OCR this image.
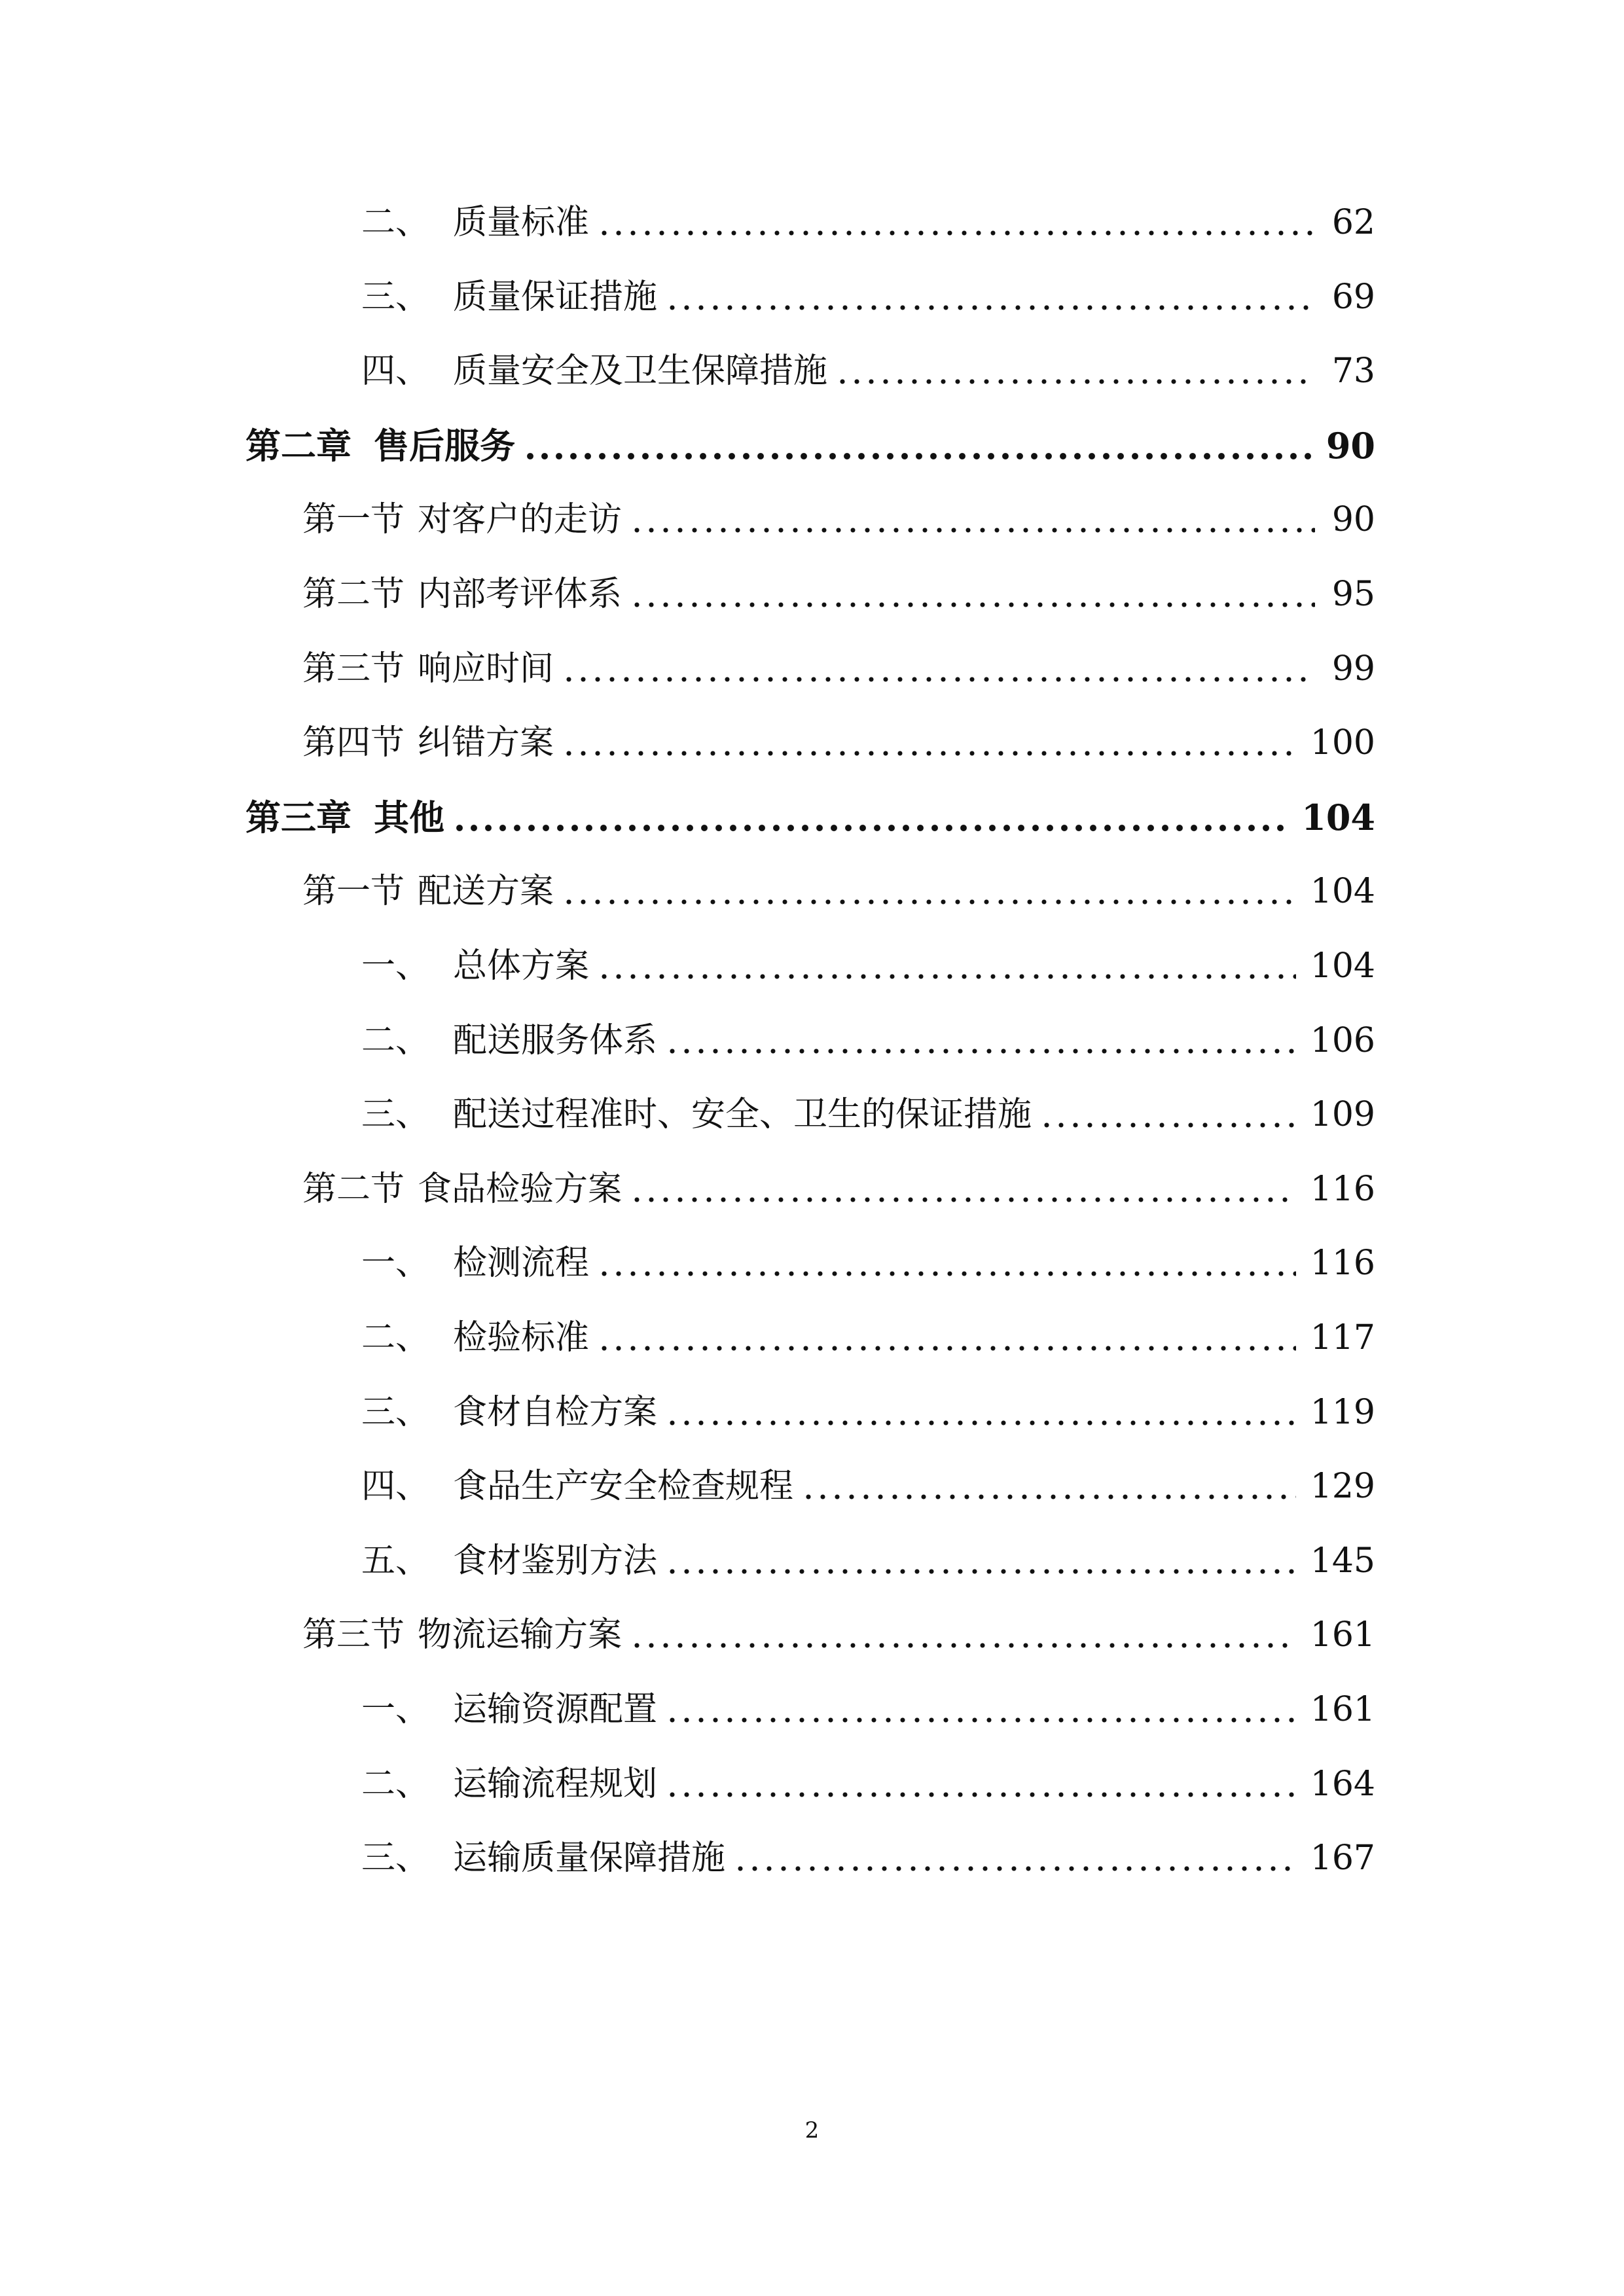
二、 质量标准	62
三、 质量保证措施	69
四、 质量安全及卫生保障措施	73
第二章 售后服务	90
第一节 对客户的走访	90
第二节 内部考评体系	95
第三节 响应时间	99
第四节 纠错方案	100
第三章 其他	104
第一节 配送方案	104
一、 总体方案	104
二、 配送服务体系	106
三、 配送过程准时、安全、卫生的保证措施	109
第二节 食品检验方案	116
一、 检测流程	116
二、 检验标准	117
三、 食材自检方案	119
四、 食品生产安全检查规程	129
五、 食材鉴别方法	145
第三节 物流运输方案	161
一、 运输资源配置	161
二、 运输流程规划	164
三、 运输质量保障措施	167
2
